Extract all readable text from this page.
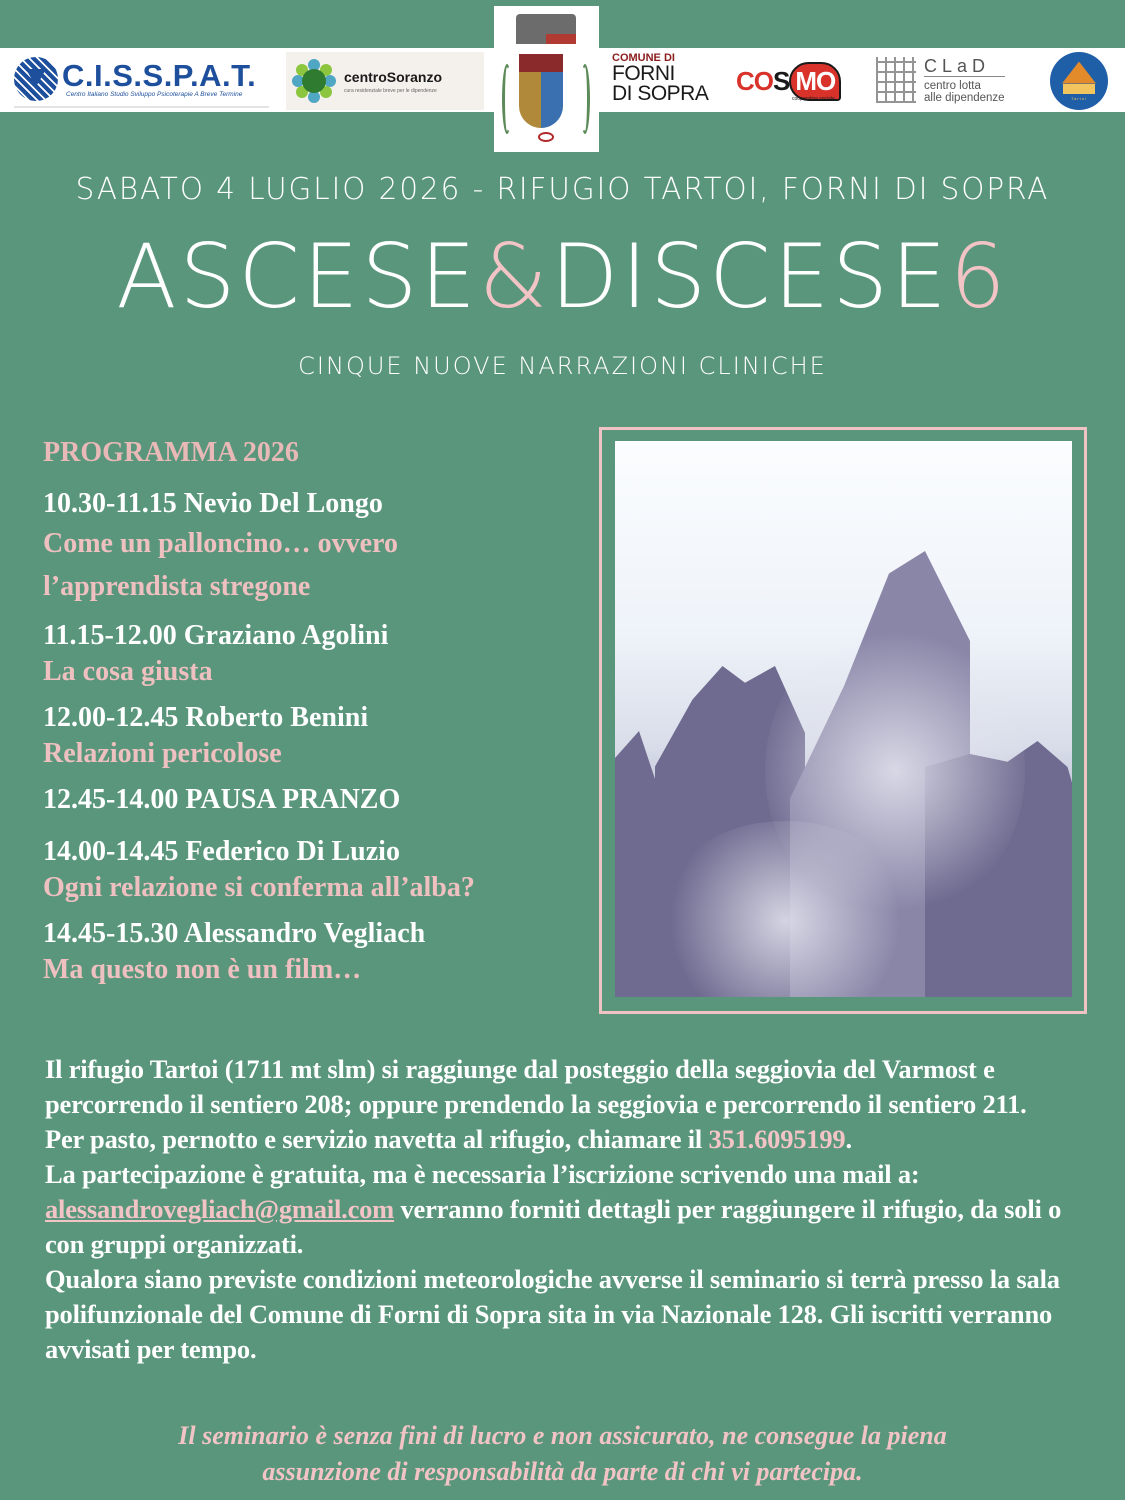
C.I.S.S.P.A.T.
Centro Italiano Studio Sviluppo Psicoterapie A Breve Termine
centroSoranzo
cura residenziale breve per le dipendenze
COMUNE DI
FORNI
DI SOPRA CO S MO
cooperativa sociale
CLaD
centro lotta
alle dipendenze	Tartoi
SABATO 4 LUGLIO 2026 - RIFUGIO TARTOI, FORNI DI SOPRA
ASCESE&DISCESE6
CINQUE NUOVE NARRAZIONI CLINICHE
PROGRAMMA 2026
10.30-11.15 Nevio Del Longo
Come un palloncino… ovvero
l’apprendista stregone
11.15-12.00 Graziano Agolini
La cosa giusta
12.00-12.45 Roberto Benini
Relazioni pericolose
12.45-14.00 PAUSA PRANZO
14.00-14.45 Federico Di Luzio
Ogni relazione si conferma all’alba?
14.45-15.30 Alessandro Vegliach
Ma questo non è un film…
Il rifugio Tartoi (1711 mt slm) si raggiunge dal posteggio della seggiovia del Varmost e percorrendo il sentiero 208; oppure prendendo la seggiovia e percorrendo il sentiero 211.
Per pasto, pernotto e servizio navetta al rifugio, chiamare il 351.6095199.
La partecipazione è gratuita, ma è necessaria l’iscrizione scrivendo una mail a: alessandrovegliach@gmail.com verranno forniti dettagli per raggiungere il rifugio, da soli o con gruppi organizzati.
Qualora siano previste condizioni meteorologiche avverse il seminario si terrà presso la sala polifunzionale del Comune di Forni di Sopra sita in via Nazionale 128. Gli iscritti verranno avvisati per tempo.
Il seminario è senza fini di lucro e non assicurato, ne consegue la piena
assunzione di responsabilità da parte di chi vi partecipa.
